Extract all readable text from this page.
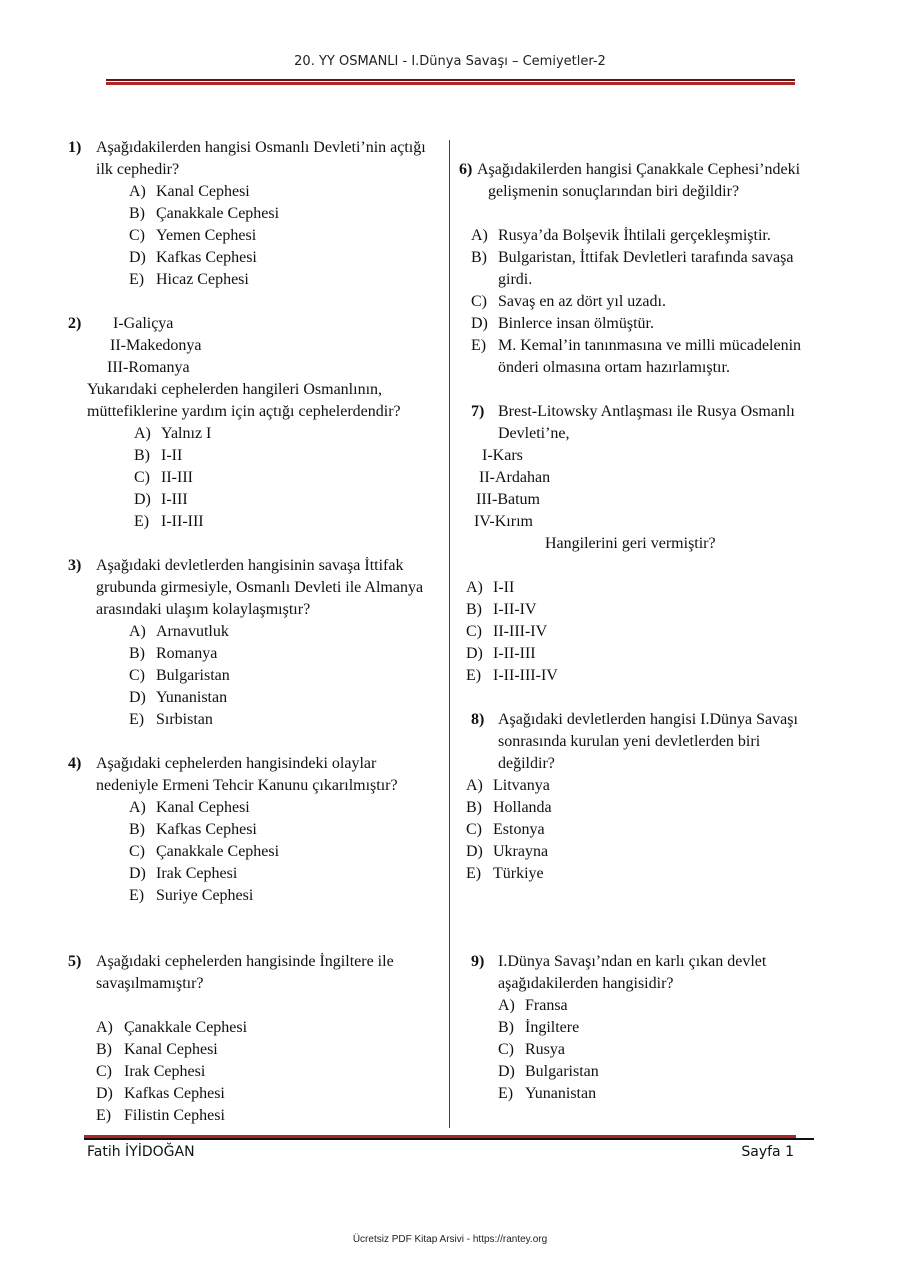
20. YY OSMANLI - I.Dünya Savaşı – Cemiyetler-2
1) Aşağıdakilerden hangisi Osmanlı Devleti’nin açtığı
ilk cephedir?
A) Kanal Cephesi
B) Çanakkale Cephesi
C) Yemen Cephesi
D) Kafkas Cephesi
E) Hicaz Cephesi
2) I-Galiçya
II-Makedonya
III-Romanya
Yukarıdaki cephelerden hangileri Osmanlının,
müttefiklerine yardım için açtığı cephelerdendir?
A) Yalnız I
B) I-II
C) II-III
D) I-III
E) I-II-III
3) Aşağıdaki devletlerden hangisinin savaşa İttifak
grubunda girmesiyle, Osmanlı Devleti ile Almanya
arasındaki ulaşım kolaylaşmıştır?
A) Arnavutluk
B) Romanya
C) Bulgaristan
D) Yunanistan
E) Sırbistan
4) Aşağıdaki cephelerden hangisindeki olaylar
nedeniyle Ermeni Tehcir Kanunu çıkarılmıştır?
A) Kanal Cephesi
B) Kafkas Cephesi
C) Çanakkale Cephesi
D) Irak Cephesi
E) Suriye Cephesi
5) Aşağıdaki cephelerden hangisinde İngiltere ile
savaşılmamıştır?
A) Çanakkale Cephesi
B) Kanal Cephesi
C) Irak Cephesi
D) Kafkas Cephesi
E) Filistin Cephesi
6) Aşağıdakilerden hangisi Çanakkale Cephesi’ndeki
gelişmenin sonuçlarından biri değildir?
A) Rusya’da Bolşevik İhtilali gerçekleşmiştir.
B) Bulgaristan, İttifak Devletleri tarafında savaşa
girdi.
C) Savaş en az dört yıl uzadı.
D) Binlerce insan ölmüştür.
E) M. Kemal’in tanınmasına ve milli mücadelenin
önderi olmasına ortam hazırlamıştır.
7) Brest-Litowsky Antlaşması ile Rusya Osmanlı
Devleti’ne,
I-Kars
II-Ardahan
III-Batum
IV-Kırım
Hangilerini geri vermiştir?
A) I-II
B) I-II-IV
C) II-III-IV
D) I-II-III
E) I-II-III-IV
8) Aşağıdaki devletlerden hangisi I.Dünya Savaşı
sonrasında kurulan yeni devletlerden biri
değildir?
A) Litvanya
B) Hollanda
C) Estonya
D) Ukrayna
E) Türkiye
9) I.Dünya Savaşı’ndan en karlı çıkan devlet
aşağıdakilerden hangisidir?
A) Fransa
B) İngiltere
C) Rusya
D) Bulgaristan
E) Yunanistan
Fatih İYİDOĞAN	Sayfa 1
Ücretsiz PDF Kitap Arsivi - https://rantey.org
